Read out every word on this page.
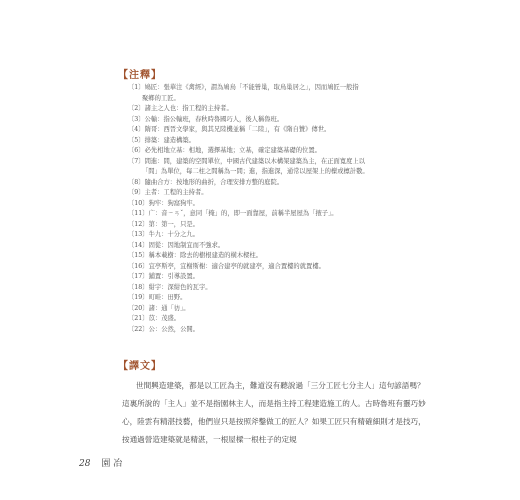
【注釋】
〔1〕鳩匠：張華注《禽經》，謂為鳩鳥「不能營巢，取鳥巢居之」，因而鳩匠一般指
聚鄉的工匠。
〔2〕諸主之人也：指工程的主持者。
〔3〕公輸：指公輸班，春秋時魯國巧人，後人稱魯班。
〔4〕隋哥：西晉文學家，與其兄陸機並稱「二陸」，有《隋自贊》傳世。
〔5〕排築：建造構築。
〔6〕必先相地立基：相地，選擇基地；立基，確定建築基礎的位置。
〔7〕間進：間，建築的空間單位，中國古代建築以木構架建築為主，在正面寬度上以
「間」為單位，每二柱之間稱為一間；進，指進深，通常以屋架上的檁或檩計數。
〔8〕隨曲合方：按地形的曲折，合理安排方整的庭院。
〔9〕主者：工程的主持者。
〔10〕狗牢：狗窩狗牢。
〔11〕广：音ㄧㄢˇ，意同「掩」的，即一面靠屋，前稱半屋屋為「掖子」。
〔12〕第：第一，只是。
〔13〕牛九：十分之九。
〔14〕固從：因地制宜而不強求。
〔15〕稱本載樹：除去的樹根建造的橫木樑柱。
〔16〕宜亭斯亭，宜榭斯榭：適合建亭的就建亭，適合置樓的就置樓。
〔17〕鋪置：引導設置。
〔18〕紺宇：深紺色的瓦宇。
〔19〕町畦：田野。
〔20〕諸：通「彷」。
〔21〕苡：茂盛。
〔22〕公：公然，公開。
【譯文】

世間興造建築，都是以工匠為主，難道沒有聽說過「三分工匠七分主人」這句諺語嗎？這裏所說的「主人」並不是指園林主人，而是指主持工程建造施工的人。古時魯班有靈巧妙心，陸雲有精湛技藝，他們豈只是按照斧鑿做工的匠人？如果工匠只有精確細則才是技巧，按通過營造建築就是精湛，一根屋樑一根柱子的定規

28 園 冶
